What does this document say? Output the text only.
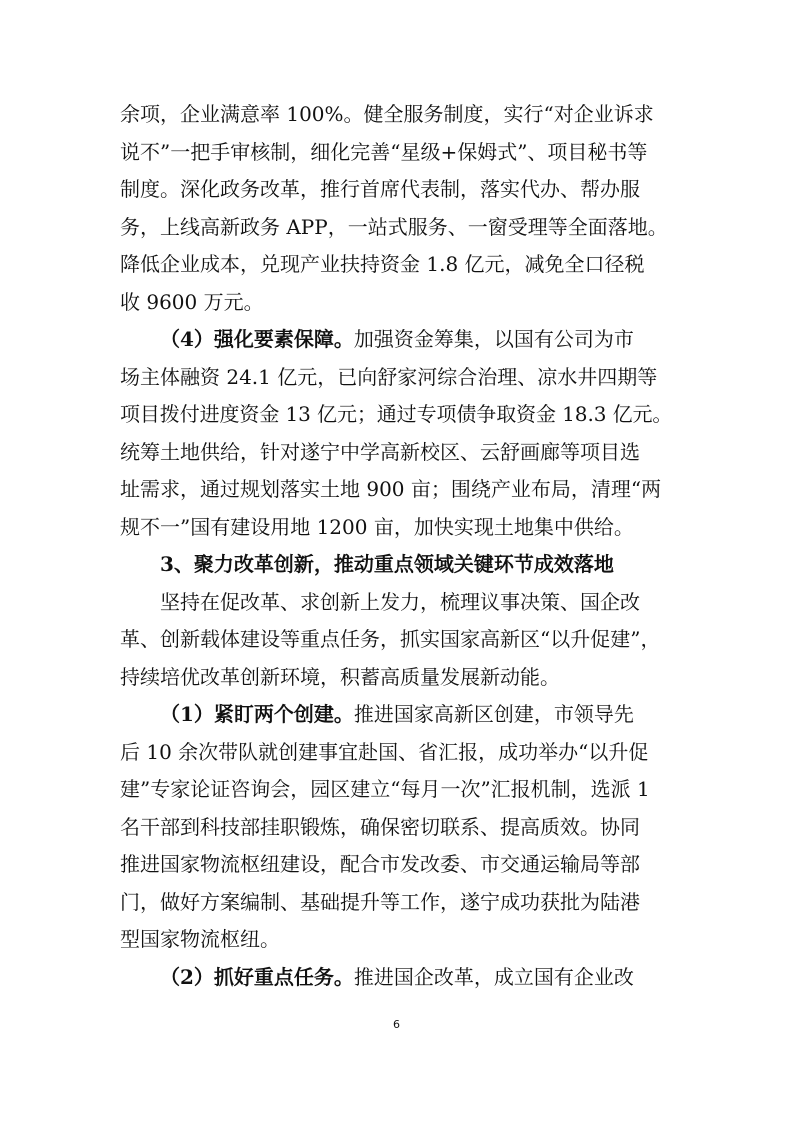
余项，企业满意率 100%。健全服务制度，实行“对企业诉求
说不”一把手审核制，细化完善“星级+保姆式”、项目秘书等
制度。深化政务改革，推行首席代表制，落实代办、帮办服
务，上线高新政务 APP，一站式服务、一窗受理等全面落地。
降低企业成本，兑现产业扶持资金 1.8 亿元，减免全口径税
收 9600 万元。
（4）强化要素保障。加强资金筹集，以国有公司为市
场主体融资 24.1 亿元，已向舒家河综合治理、凉水井四期等
项目拨付进度资金 13 亿元；通过专项债争取资金 18.3 亿元。
统筹土地供给，针对遂宁中学高新校区、云舒画廊等项目选
址需求，通过规划落实土地 900 亩；围绕产业布局，清理“两
规不一”国有建设用地 1200 亩，加快实现土地集中供给。
3、聚力改革创新，推动重点领域关键环节成效落地
坚持在促改革、求创新上发力，梳理议事决策、国企改
革、创新载体建设等重点任务，抓实国家高新区“以升促建”，
持续培优改革创新环境，积蓄高质量发展新动能。
（1）紧盯两个创建。推进国家高新区创建，市领导先
后 10 余次带队就创建事宜赴国、省汇报，成功举办“以升促
建”专家论证咨询会，园区建立“每月一次”汇报机制，选派 1
名干部到科技部挂职锻炼，确保密切联系、提高质效。协同
推进国家物流枢纽建设，配合市发改委、市交通运输局等部
门，做好方案编制、基础提升等工作，遂宁成功获批为陆港
型国家物流枢纽。
（2）抓好重点任务。推进国企改革，成立国有企业改
6
